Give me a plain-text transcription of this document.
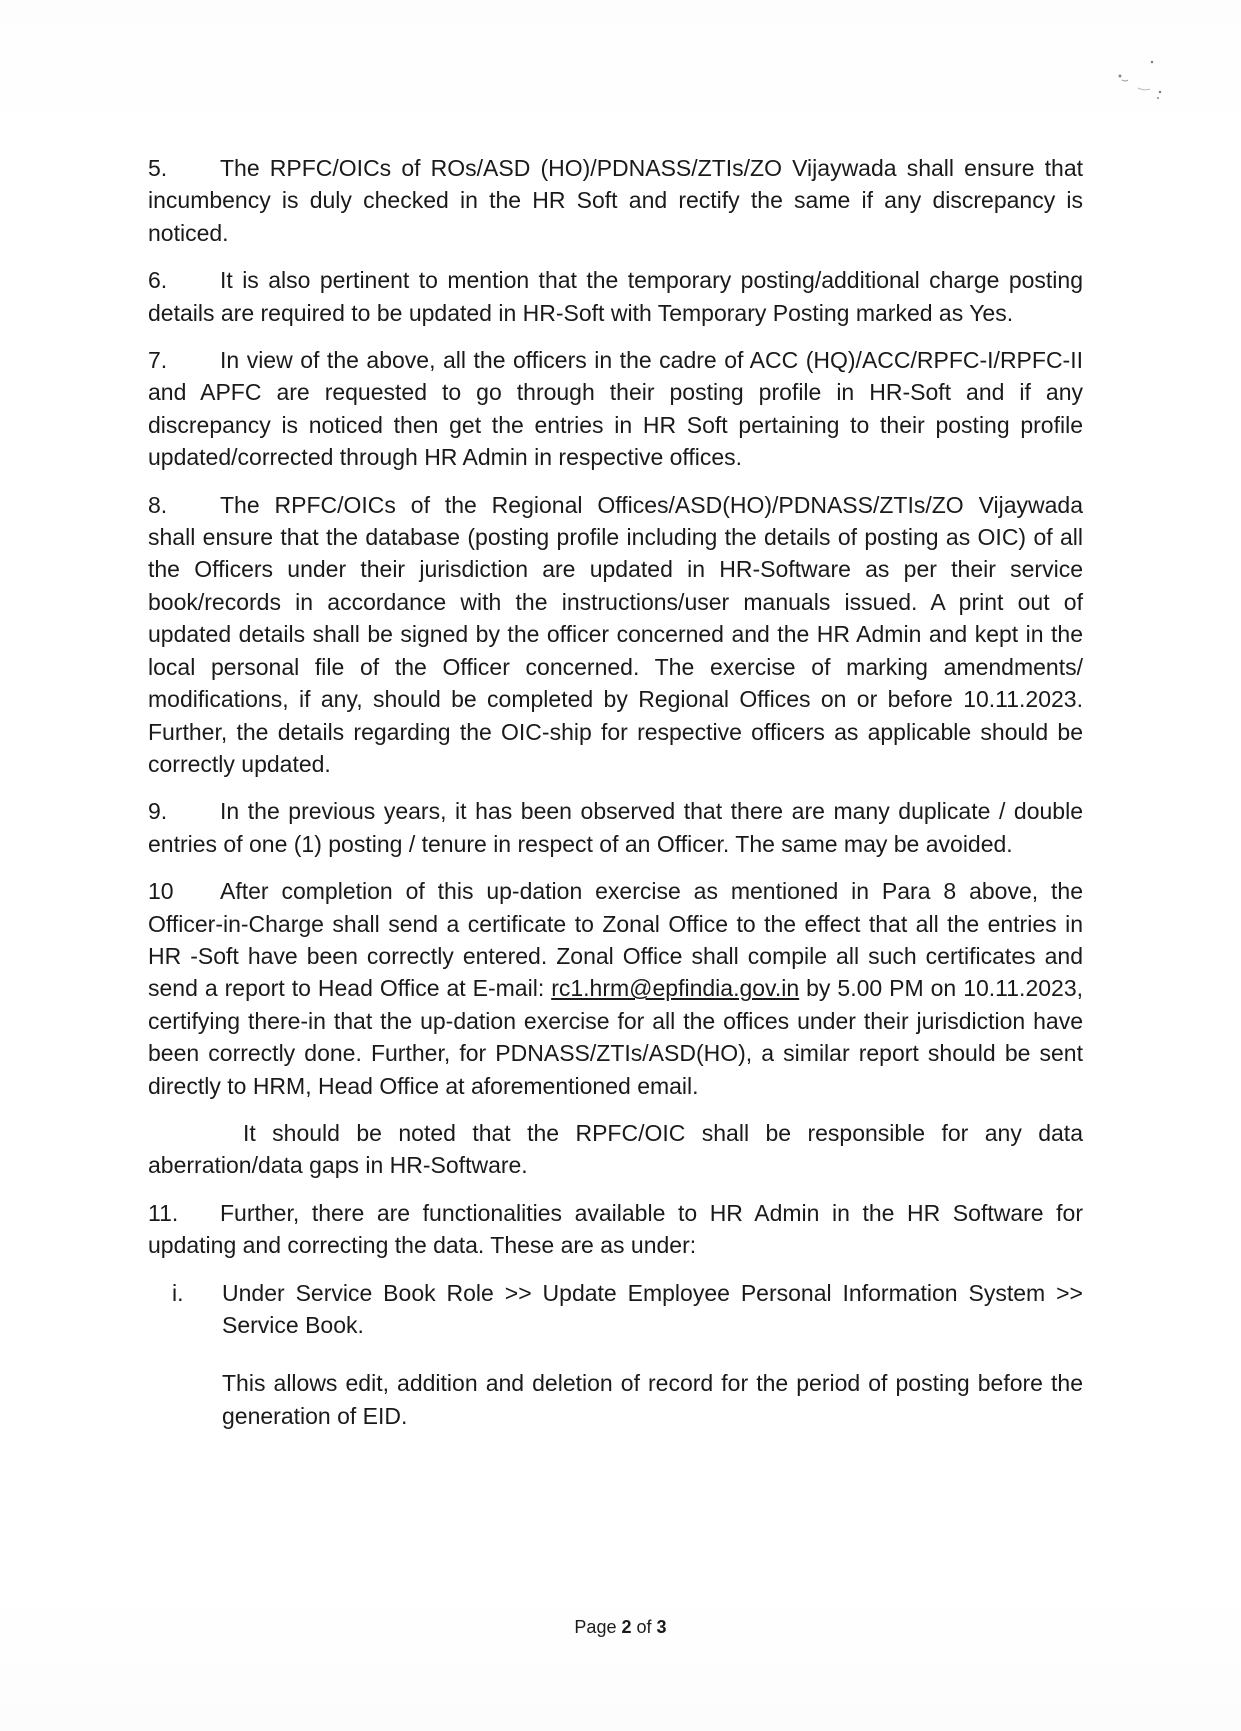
5. The RPFC/OICs of ROs/ASD (HO)/PDNASS/ZTIs/ZO Vijaywada shall ensure that incumbency is duly checked in the HR Soft and rectify the same if any discrepancy is noticed.

6. It is also pertinent to mention that the temporary posting/additional charge posting details are required to be updated in HR-Soft with Temporary Posting marked as Yes.

7. In view of the above, all the officers in the cadre of ACC (HQ)/ACC/RPFC-I/RPFC-II and APFC are requested to go through their posting profile in HR-Soft and if any discrepancy is noticed then get the entries in HR Soft pertaining to their posting profile updated/corrected through HR Admin in respective offices.

8. The RPFC/OICs of the Regional Offices/ASD(HO)/PDNASS/ZTIs/ZO Vijaywada shall ensure that the database (posting profile including the details of posting as OIC) of all the Officers under their jurisdiction are updated in HR-Software as per their service book/records in accordance with the instructions/user manuals issued. A print out of updated details shall be signed by the officer concerned and the HR Admin and kept in the local personal file of the Officer concerned. The exercise of marking amendments/ modifications, if any, should be completed by Regional Offices on or before 10.11.2023. Further, the details regarding the OIC-ship for respective officers as applicable should be correctly updated.

9. In the previous years, it has been observed that there are many duplicate / double entries of one (1) posting / tenure in respect of an Officer. The same may be avoided.

10 After completion of this up-dation exercise as mentioned in Para 8 above, the Officer-in-Charge shall send a certificate to Zonal Office to the effect that all the entries in HR -Soft have been correctly entered. Zonal Office shall compile all such certificates and send a report to Head Office at E-mail: rc1.hrm@epfindia.gov.in by 5.00 PM on 10.11.2023, certifying there-in that the up-dation exercise for all the offices under their jurisdiction have been correctly done. Further, for PDNASS/ZTIs/ASD(HO), a similar report should be sent directly to HRM, Head Office at aforementioned email.

It should be noted that the RPFC/OIC shall be responsible for any data aberration/data gaps in HR-Software.

11. Further, there are functionalities available to HR Admin in the HR Software for updating and correcting the data. These are as under:

i. Under Service Book Role >> Update Employee Personal Information System >> Service Book.

This allows edit, addition and deletion of record for the period of posting before the generation of EID.

Page 2 of 3
